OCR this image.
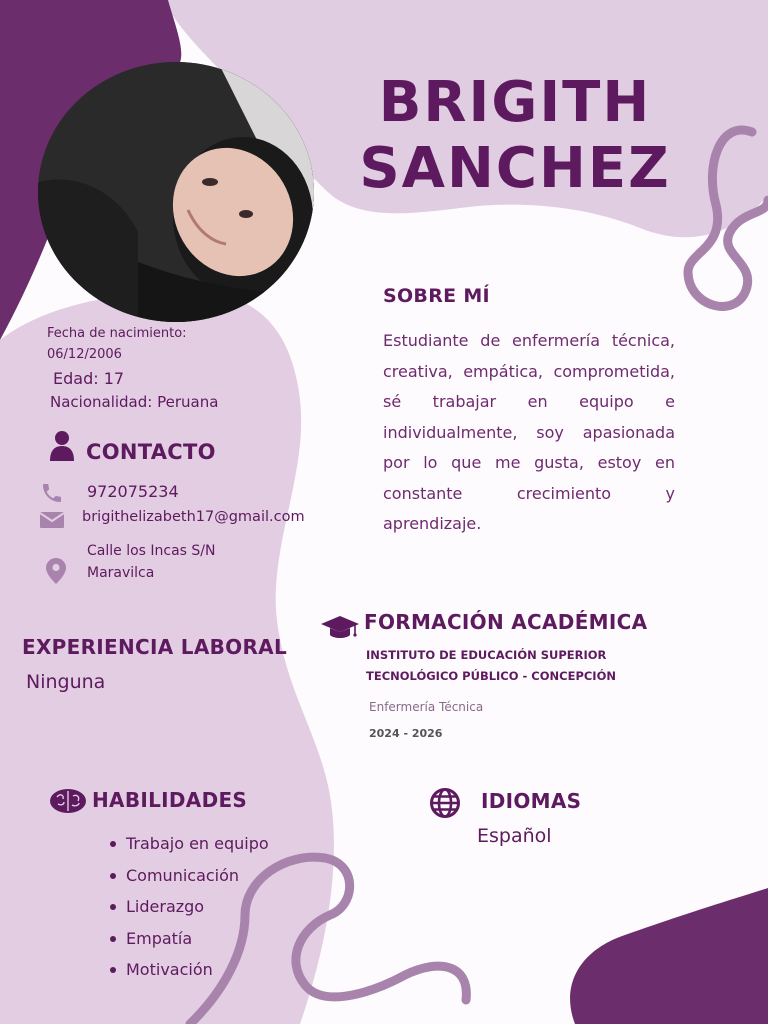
BRIGITH
SANCHEZ
Fecha de nacimiento:
06/12/2006
Edad: 17
Nacionalidad: Peruana
CONTACTO
972075234
brigithelizabeth17@gmail.com
Calle los Incas S/N
Maravilca
EXPERIENCIA LABORAL
Ninguna
HABILIDADES
Trabajo en equipo
Comunicación
Liderazgo
Empatía
Motivación
SOBRE MÍ
Estudiante de enfermería técnica, creativa, empática, comprometida, sé trabajar en equipo e individualmente, soy apasionada por lo que me gusta, estoy en constante crecimiento y aprendizaje.
FORMACIÓN ACADÉMICA
INSTITUTO DE EDUCACIÓN SUPERIOR
TECNOLÓGICO PÚBLICO - CONCEPCIÓN
Enfermería Técnica
2024 - 2026
IDIOMAS
Español
